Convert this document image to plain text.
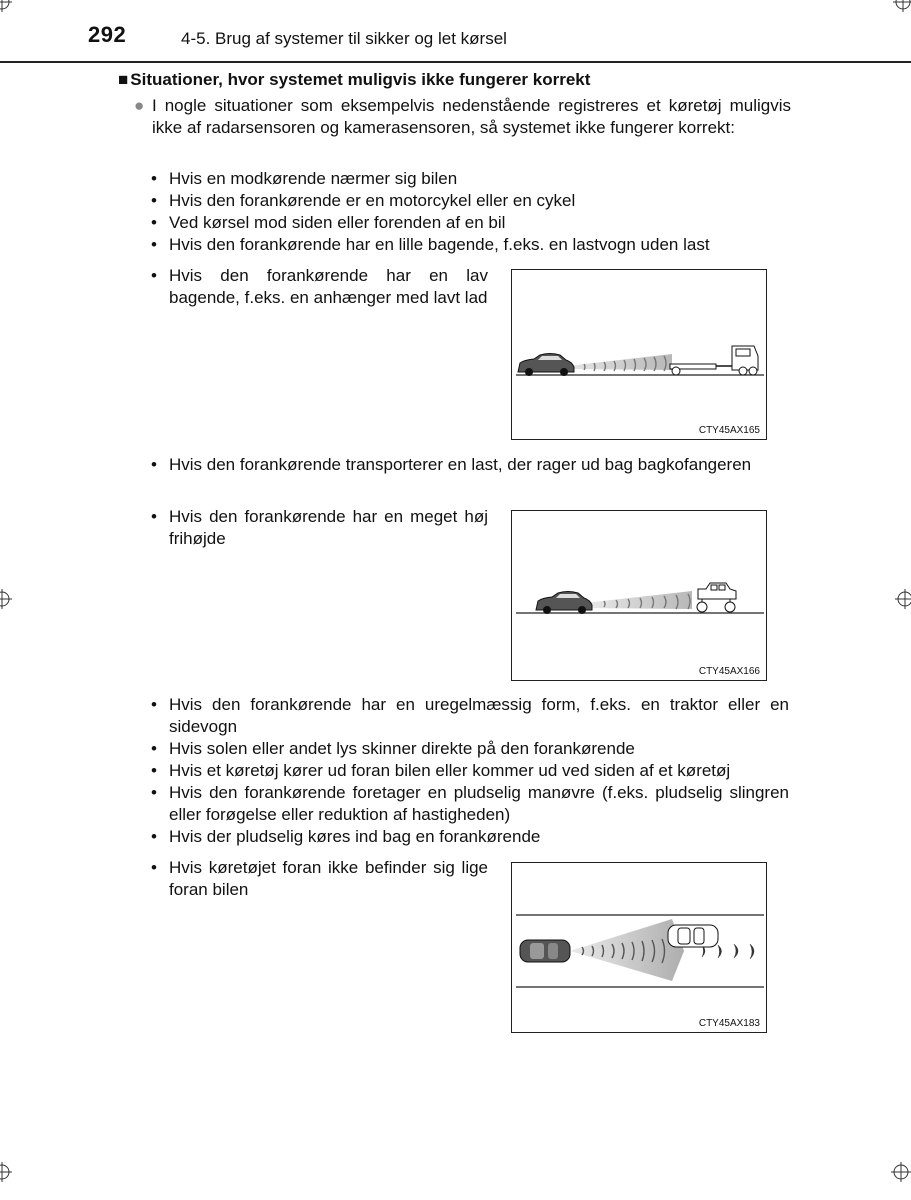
292	4-5. Brug af systemer til sikker og let kørsel
■ Situationer, hvor systemet muligvis ikke fungerer korrekt
● I nogle situationer som eksempelvis nedenstående registreres et køretøj muligvis ikke af radarsensoren og kamerasensoren, så systemet ikke fungerer korrekt:
• Hvis en modkørende nærmer sig bilen
• Hvis den forankørende er en motorcykel eller en cykel
• Ved kørsel mod siden eller forenden af en bil
• Hvis den forankørende har en lille bagende, f.eks. en lastvogn uden last
• Hvis den forankørende har en lav bagende, f.eks. en anhænger med lavt lad
CTY45AX165
• Hvis den forankørende transporterer en last, der rager ud bag bagkofangeren
• Hvis den forankørende har en meget høj frihøjde
CTY45AX166
• Hvis den forankørende har en uregelmæssig form, f.eks. en traktor eller en sidevogn
• Hvis solen eller andet lys skinner direkte på den forankørende
• Hvis et køretøj kører ud foran bilen eller kommer ud ved siden af et køretøj
• Hvis den forankørende foretager en pludselig manøvre (f.eks. pludselig slingren eller forøgelse eller reduktion af hastigheden)
• Hvis der pludselig køres ind bag en forankørende
• Hvis køretøjet foran ikke befinder sig lige foran bilen
CTY45AX183
